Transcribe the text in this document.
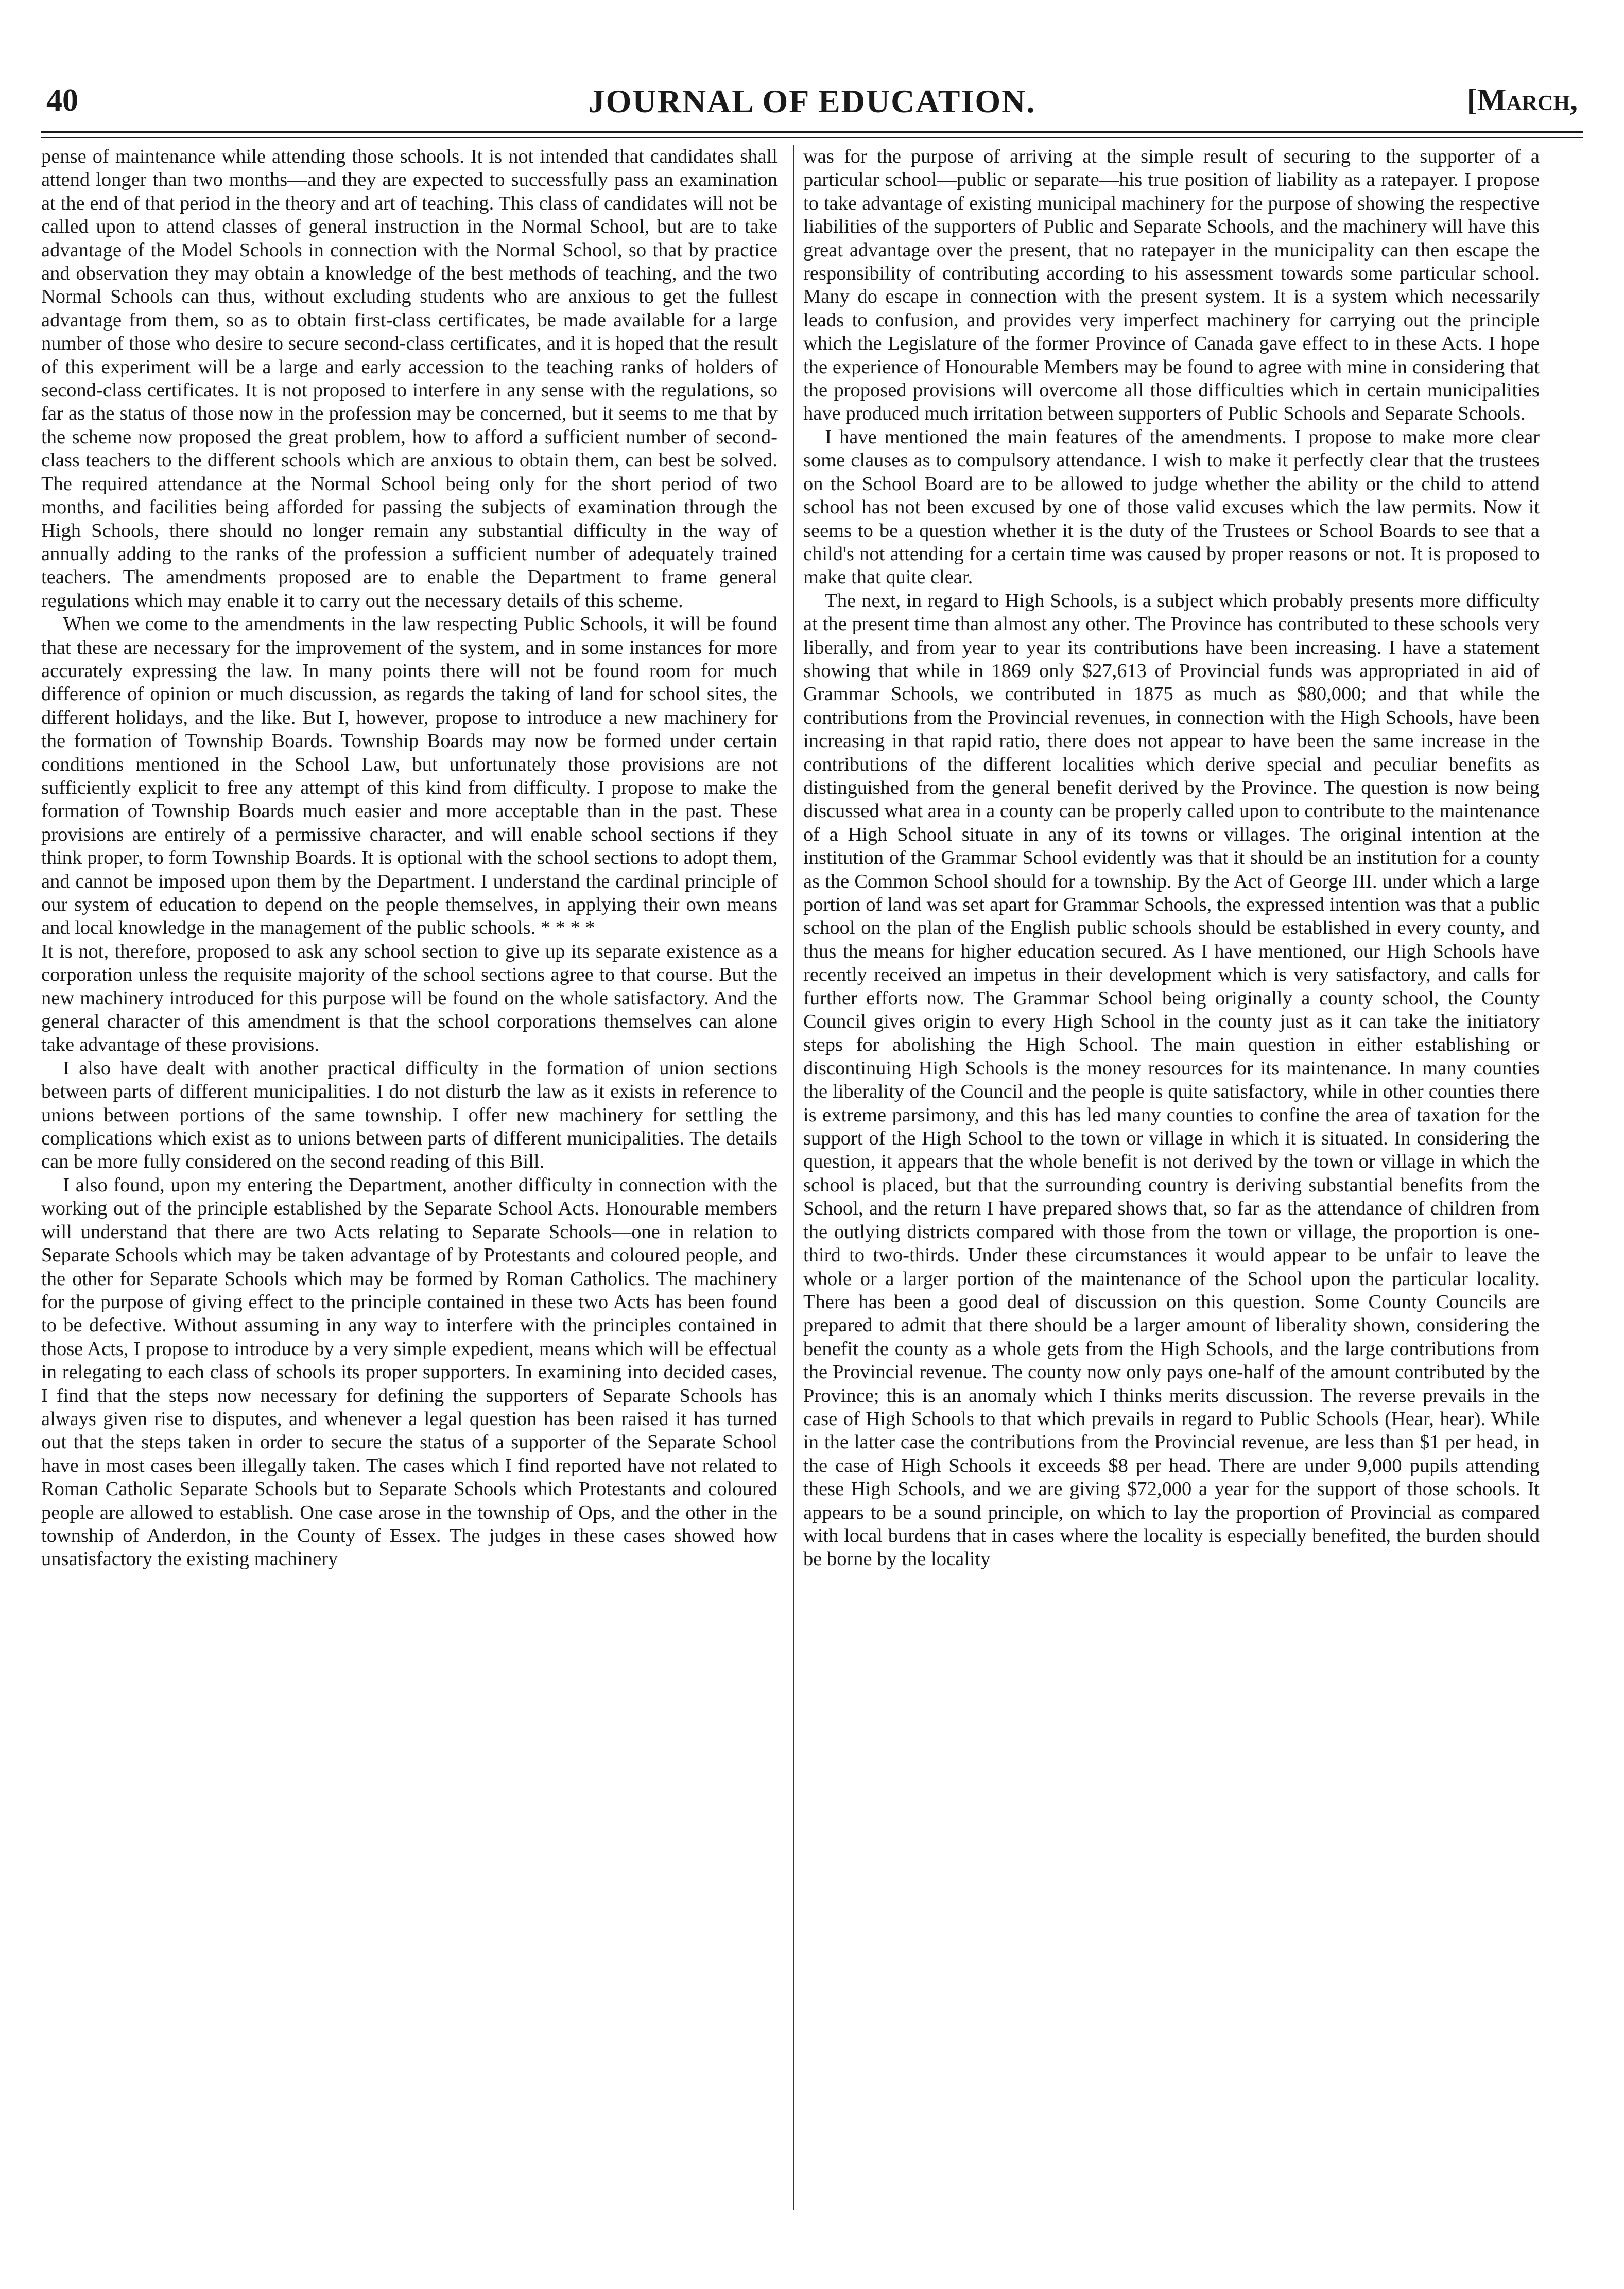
40	JOURNAL OF EDUCATION.	[March,

pense of maintenance while attending those schools. It is not intended that candidates shall attend longer than two months—and they are expected to successfully pass an examination at the end of that period in the theory and art of teaching. This class of candidates will not be called upon to attend classes of general instruction in the Normal School, but are to take advantage of the Model Schools in connection with the Normal School, so that by practice and observation they may obtain a knowledge of the best methods of teaching, and the two Normal Schools can thus, without excluding students who are anxious to get the fullest advantage from them, so as to obtain first-class certificates, be made available for a large number of those who desire to secure second-class certificates, and it is hoped that the result of this experiment will be a large and early accession to the teaching ranks of holders of second-class certificates. It is not proposed to interfere in any sense with the regulations, so far as the status of those now in the profession may be concerned, but it seems to me that by the scheme now proposed the great problem, how to afford a sufficient number of second-class teachers to the different schools which are anxious to obtain them, can best be solved. The required attendance at the Normal School being only for the short period of two months, and facilities being afforded for passing the subjects of examination through the High Schools, there should no longer remain any substantial difficulty in the way of annually adding to the ranks of the profession a sufficient number of adequately trained teachers. The amendments proposed are to enable the Department to frame general regulations which may enable it to carry out the necessary details of this scheme.

When we come to the amendments in the law respecting Public Schools, it will be found that these are necessary for the improvement of the system, and in some instances for more accurately expressing the law. In many points there will not be found room for much difference of opinion or much discussion, as regards the taking of land for school sites, the different holidays, and the like. But I, however, propose to introduce a new machinery for the formation of Township Boards. Township Boards may now be formed under certain conditions mentioned in the School Law, but unfortunately those provisions are not sufficiently explicit to free any attempt of this kind from difficulty. I propose to make the formation of Township Boards much easier and more acceptable than in the past. These provisions are entirely of a permissive character, and will enable school sections if they think proper, to form Township Boards. It is optional with the school sections to adopt them, and cannot be imposed upon them by the Department. I understand the cardinal principle of our system of education to depend on the people themselves, in applying their own means and local knowledge in the management of the public schools. * * * *

It is not, therefore, proposed to ask any school section to give up its separate existence as a corporation unless the requisite majority of the school sections agree to that course. But the new machinery introduced for this purpose will be found on the whole satisfactory. And the general character of this amendment is that the school corporations themselves can alone take advantage of these provisions.

I also have dealt with another practical difficulty in the formation of union sections between parts of different municipalities. I do not disturb the law as it exists in reference to unions between portions of the same township. I offer new machinery for settling the complications which exist as to unions between parts of different municipalities. The details can be more fully considered on the second reading of this Bill.

I also found, upon my entering the Department, another difficulty in connection with the working out of the principle established by the Separate School Acts. Honourable members will understand that there are two Acts relating to Separate Schools—one in relation to Separate Schools which may be taken advantage of by Protestants and coloured people, and the other for Separate Schools which may be formed by Roman Catholics. The machinery for the purpose of giving effect to the principle contained in these two Acts has been found to be defective. Without assuming in any way to interfere with the principles contained in those Acts, I propose to introduce by a very simple expedient, means which will be effectual in relegating to each class of schools its proper supporters. In examining into decided cases, I find that the steps now necessary for defining the supporters of Separate Schools has always given rise to disputes, and whenever a legal question has been raised it has turned out that the steps taken in order to secure the status of a supporter of the Separate School have in most cases been illegally taken. The cases which I find reported have not related to Roman Catholic Separate Schools but to Separate Schools which Protestants and coloured people are allowed to establish. One case arose in the township of Ops, and the other in the township of Anderdon, in the County of Essex. The judges in these cases showed how unsatisfactory the existing machinery

was for the purpose of arriving at the simple result of securing to the supporter of a particular school—public or separate—his true position of liability as a ratepayer. I propose to take advantage of existing municipal machinery for the purpose of showing the respective liabilities of the supporters of Public and Separate Schools, and the machinery will have this great advantage over the present, that no ratepayer in the municipality can then escape the responsibility of contributing according to his assessment towards some particular school. Many do escape in connection with the present system. It is a system which necessarily leads to confusion, and provides very imperfect machinery for carrying out the principle which the Legislature of the former Province of Canada gave effect to in these Acts. I hope the experience of Honourable Members may be found to agree with mine in considering that the proposed provisions will overcome all those difficulties which in certain municipalities have produced much irritation between supporters of Public Schools and Separate Schools.

I have mentioned the main features of the amendments. I propose to make more clear some clauses as to compulsory attendance. I wish to make it perfectly clear that the trustees on the School Board are to be allowed to judge whether the ability or the child to attend school has not been excused by one of those valid excuses which the law permits. Now it seems to be a question whether it is the duty of the Trustees or School Boards to see that a child's not attending for a certain time was caused by proper reasons or not. It is proposed to make that quite clear.

The next, in regard to High Schools, is a subject which probably presents more difficulty at the present time than almost any other. The Province has contributed to these schools very liberally, and from year to year its contributions have been increasing. I have a statement showing that while in 1869 only $27,613 of Provincial funds was appropriated in aid of Grammar Schools, we contributed in 1875 as much as $80,000; and that while the contributions from the Provincial revenues, in connection with the High Schools, have been increasing in that rapid ratio, there does not appear to have been the same increase in the contributions of the different localities which derive special and peculiar benefits as distinguished from the general benefit derived by the Province. The question is now being discussed what area in a county can be properly called upon to contribute to the maintenance of a High School situate in any of its towns or villages. The original intention at the institution of the Grammar School evidently was that it should be an institution for a county as the Common School should for a township. By the Act of George III. under which a large portion of land was set apart for Grammar Schools, the expressed intention was that a public school on the plan of the English public schools should be established in every county, and thus the means for higher education secured. As I have mentioned, our High Schools have recently received an impetus in their development which is very satisfactory, and calls for further efforts now. The Grammar School being originally a county school, the County Council gives origin to every High School in the county just as it can take the initiatory steps for abolishing the High School. The main question in either establishing or discontinuing High Schools is the money resources for its maintenance. In many counties the liberality of the Council and the people is quite satisfactory, while in other counties there is extreme parsimony, and this has led many counties to confine the area of taxation for the support of the High School to the town or village in which it is situated. In considering the question, it appears that the whole benefit is not derived by the town or village in which the school is placed, but that the surrounding country is deriving substantial benefits from the School, and the return I have prepared shows that, so far as the attendance of children from the outlying districts compared with those from the town or village, the proportion is one-third to two-thirds. Under these circumstances it would appear to be unfair to leave the whole or a larger portion of the maintenance of the School upon the particular locality. There has been a good deal of discussion on this question. Some County Councils are prepared to admit that there should be a larger amount of liberality shown, considering the benefit the county as a whole gets from the High Schools, and the large contributions from the Provincial revenue. The county now only pays one-half of the amount contributed by the Province; this is an anomaly which I thinks merits discussion. The reverse prevails in the case of High Schools to that which prevails in regard to Public Schools (Hear, hear). While in the latter case the contributions from the Provincial revenue, are less than $1 per head, in the case of High Schools it exceeds $8 per head. There are under 9,000 pupils attending these High Schools, and we are giving $72,000 a year for the support of those schools. It appears to be a sound principle, on which to lay the proportion of Provincial as compared with local burdens that in cases where the locality is especially benefited, the burden should be borne by the locality
